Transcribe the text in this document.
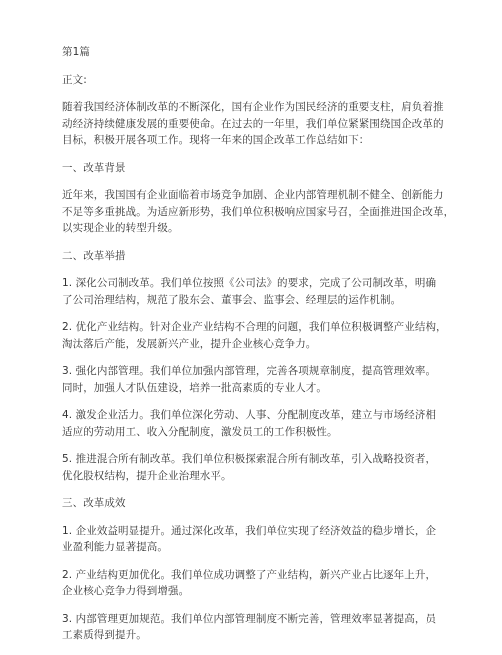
第1篇

正文:

随着我国经济体制改革的不断深化，国有企业作为国民经济的重要支柱，肩负着推
动经济持续健康发展的重要使命。在过去的一年里，我们单位紧紧围绕国企改革的
目标，积极开展各项工作。现将一年来的国企改革工作总结如下：

一、改革背景

近年来，我国国有企业面临着市场竞争加剧、企业内部管理机制不健全、创新能力
不足等多重挑战。为适应新形势，我们单位积极响应国家号召，全面推进国企改革，
以实现企业的转型升级。

二、改革举措

1. 深化公司制改革。我们单位按照《公司法》的要求，完成了公司制改革，明确
了公司治理结构，规范了股东会、董事会、监事会、经理层的运作机制。

2. 优化产业结构。针对企业产业结构不合理的问题，我们单位积极调整产业结构，
淘汰落后产能，发展新兴产业，提升企业核心竞争力。

3. 强化内部管理。我们单位加强内部管理，完善各项规章制度，提高管理效率。
同时，加强人才队伍建设，培养一批高素质的专业人才。

4. 激发企业活力。我们单位深化劳动、人事、分配制度改革，建立与市场经济相
适应的劳动用工、收入分配制度，激发员工的工作积极性。

5. 推进混合所有制改革。我们单位积极探索混合所有制改革，引入战略投资者，
优化股权结构，提升企业治理水平。

三、改革成效

1. 企业效益明显提升。通过深化改革，我们单位实现了经济效益的稳步增长，企
业盈利能力显著提高。

2. 产业结构更加优化。我们单位成功调整了产业结构，新兴产业占比逐年上升，
企业核心竞争力得到增强。

3. 内部管理更加规范。我们单位内部管理制度不断完善，管理效率显著提高，员
工素质得到提升。
